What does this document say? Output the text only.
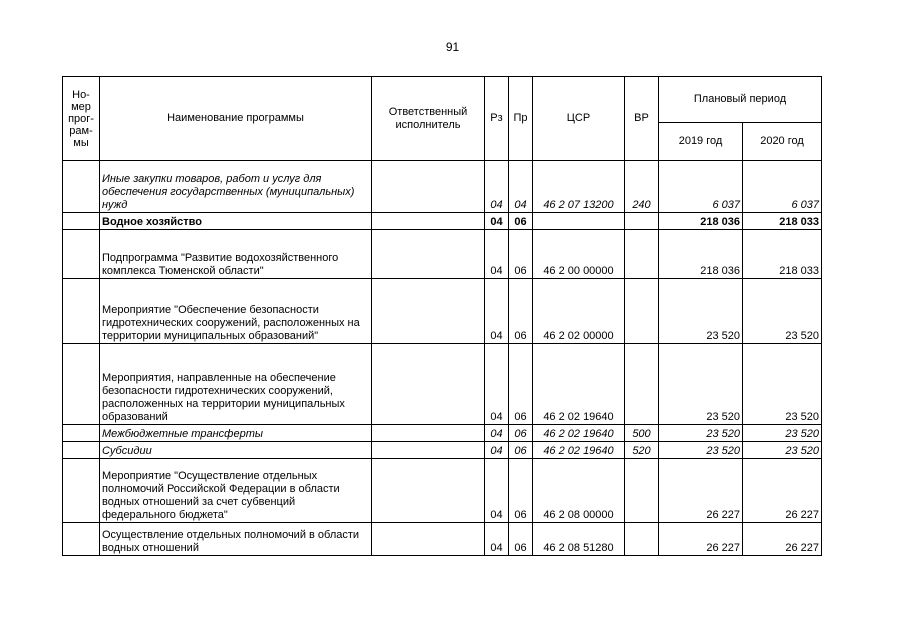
91
Но-
мер
прог-
рам-
мы	Наименование программы	Ответственный исполнитель	Рз	Пр	ЦСР	ВР	Плановый период	
							2019 год	2020 год
	Иные закупки товаров, работ и услуг для обеспечения государственных (муниципальных) нужд		04	04	46 2 07 13200	240	6 037	6 037
	Водное хозяйство		04	06			218 036	218 033
	Подпрограмма "Развитие водохозяйственного комплекса Тюменской области"		04	06	46 2 00 00000		218 036	218 033
	Мероприятие "Обеспечение безопасности гидротехнических сооружений, расположенных на территории муниципальных образований"		04	06	46 2 02 00000		23 520	23 520
	Мероприятия, направленные на обеспечение безопасности гидротехнических сооружений, расположенных на территории муниципальных образований		04	06	46 2 02 19640		23 520	23 520
	Межбюджетные трансферты		04	06	46 2 02 19640	500	23 520	23 520
	Субсидии		04	06	46 2 02 19640	520	23 520	23 520
	Мероприятие "Осуществление отдельных полномочий Российской Федерации в области водных отношений за счет субвенций федерального бюджета"		04	06	46 2 08 00000		26 227	26 227
	Осуществление отдельных полномочий в области водных отношений		04	06	46 2 08 51280		26 227	26 227
